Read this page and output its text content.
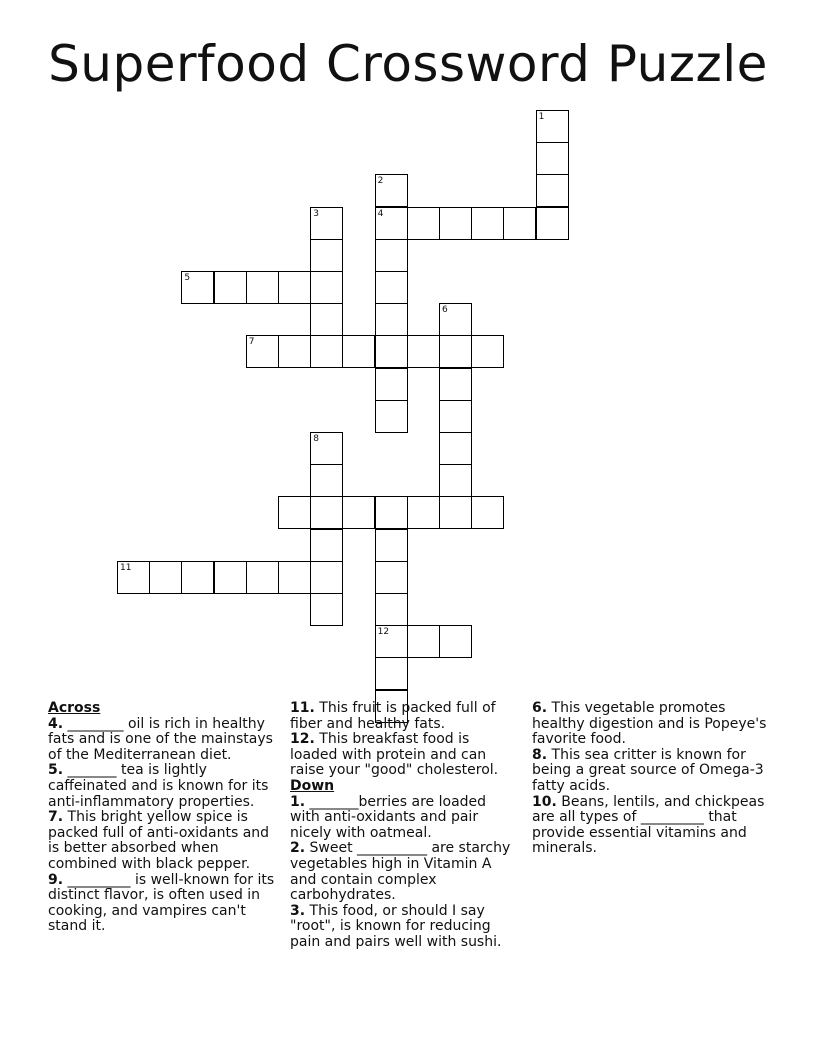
Superfood Crossword Puzzle
1
2
4
3
5
6
7
8
12
11

Across

4. ________ oil is rich in healthy fats and is one of the mainstays of the Mediterranean diet.

5. _______ tea is lightly caffeinated and is known for its anti-inflammatory properties.

7. This bright yellow spice is packed full of anti-oxidants and is better absorbed when combined with black pepper.

9. _________ is well-known for its distinct flavor, is often used in cooking, and vampires can't stand it.

11. This fruit is packed full of fiber and healthy fats.

12. This breakfast food is loaded with protein and can raise your "good" cholesterol.

Down

1. _______berries are loaded with anti-oxidants and pair nicely with oatmeal.

2. Sweet __________ are starchy vegetables high in Vitamin A and contain complex carbohydrates.

3. This food, or should I say "root", is known for reducing pain and pairs well with sushi.

6. This vegetable promotes healthy digestion and is Popeye's favorite food.

8. This sea critter is known for being a great source of Omega-3 fatty acids.

10. Beans, lentils, and chickpeas are all types of _________ that provide essential vitamins and minerals.
